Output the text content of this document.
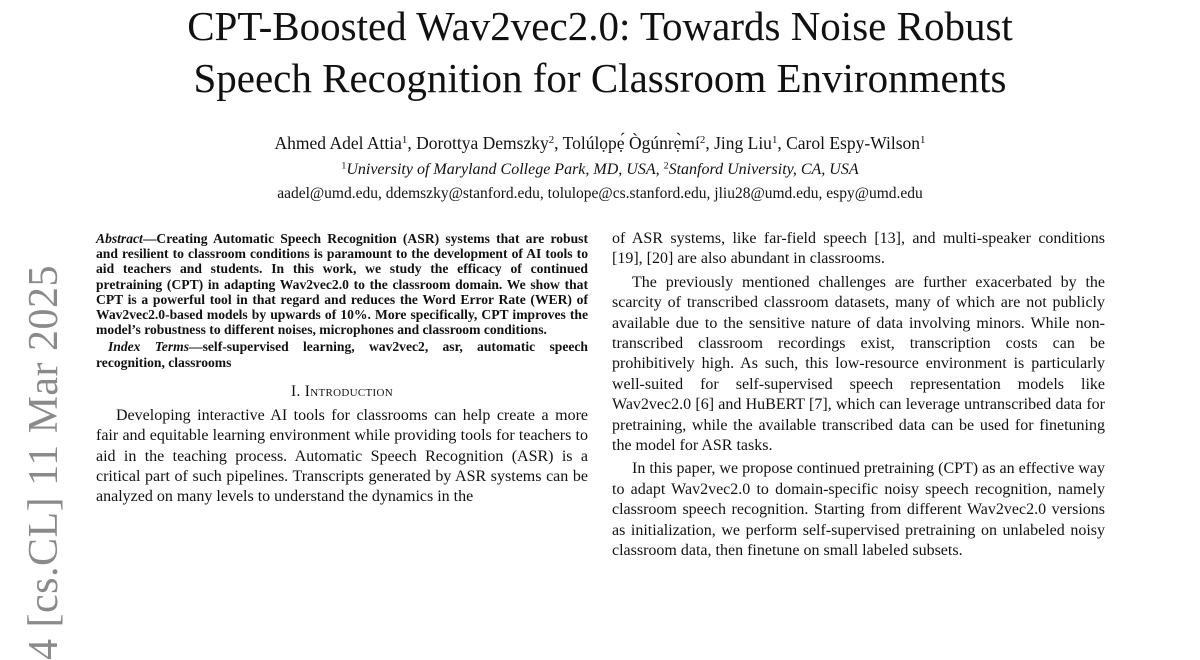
4 [cs.CL] 11 Mar 2025
CPT-Boosted Wav2vec2.0: Towards Noise Robust
Speech Recognition for Classroom Environments
Ahmed Adel Attia$^1$, Dorottya Demszky$^2$, Tolúlọpẹ́ $Ògúnrẹ̀mí^2$, Jing Liu$^1$, Carol Espy-Wilson$^1$
$^1$University of Maryland College Park, MD, USA, $^2$Stanford University, CA, USA
aadel@umd.edu, ddemszky@stanford.edu, tolulope@cs.stanford.edu, jliu28@umd.edu, espy@umd.edu
Abstract—Creating Automatic Speech Recognition (ASR) systems that are robust and resilient to classroom conditions is paramount to the development of AI tools to aid teachers and students. In this work, we study the efficacy of continued pretraining (CPT) in adapting Wav2vec2.0 to the classroom domain. We show that CPT is a powerful tool in that regard and reduces the Word Error Rate (WER) of Wav2vec2.0-based models by upwards of 10%. More specifically, CPT improves the model’s robustness to different noises, microphones and classroom conditions.
Index Terms—self-supervised learning, wav2vec2, asr, automatic speech recognition, classrooms
I. Introduction

Developing interactive AI tools for classrooms can help create a more fair and equitable learning environment while providing tools for teachers to aid in the teaching process. Automatic Speech Recognition (ASR) is a critical part of such pipelines. Transcripts generated by ASR systems can be analyzed on many levels to understand the dynamics in the

of ASR systems, like far-field speech [13], and multi-speaker conditions [19], [20] are also abundant in classrooms.

The previously mentioned challenges are further exacerbated by the scarcity of transcribed classroom datasets, many of which are not publicly available due to the sensitive nature of data involving minors. While non-transcribed classroom recordings exist, transcription costs can be prohibitively high. As such, this low-resource environment is particularly well-suited for self-supervised speech representation models like Wav2vec2.0 [6] and HuBERT [7], which can leverage untranscribed data for pretraining, while the available transcribed data can be used for finetuning the model for ASR tasks.

In this paper, we propose continued pretraining (CPT) as an effective way to adapt Wav2vec2.0 to domain-specific noisy speech recognition, namely classroom speech recognition. Starting from different Wav2vec2.0 versions as initialization, we perform self-supervised pretraining on unlabeled noisy classroom data, then finetune on small labeled subsets.
